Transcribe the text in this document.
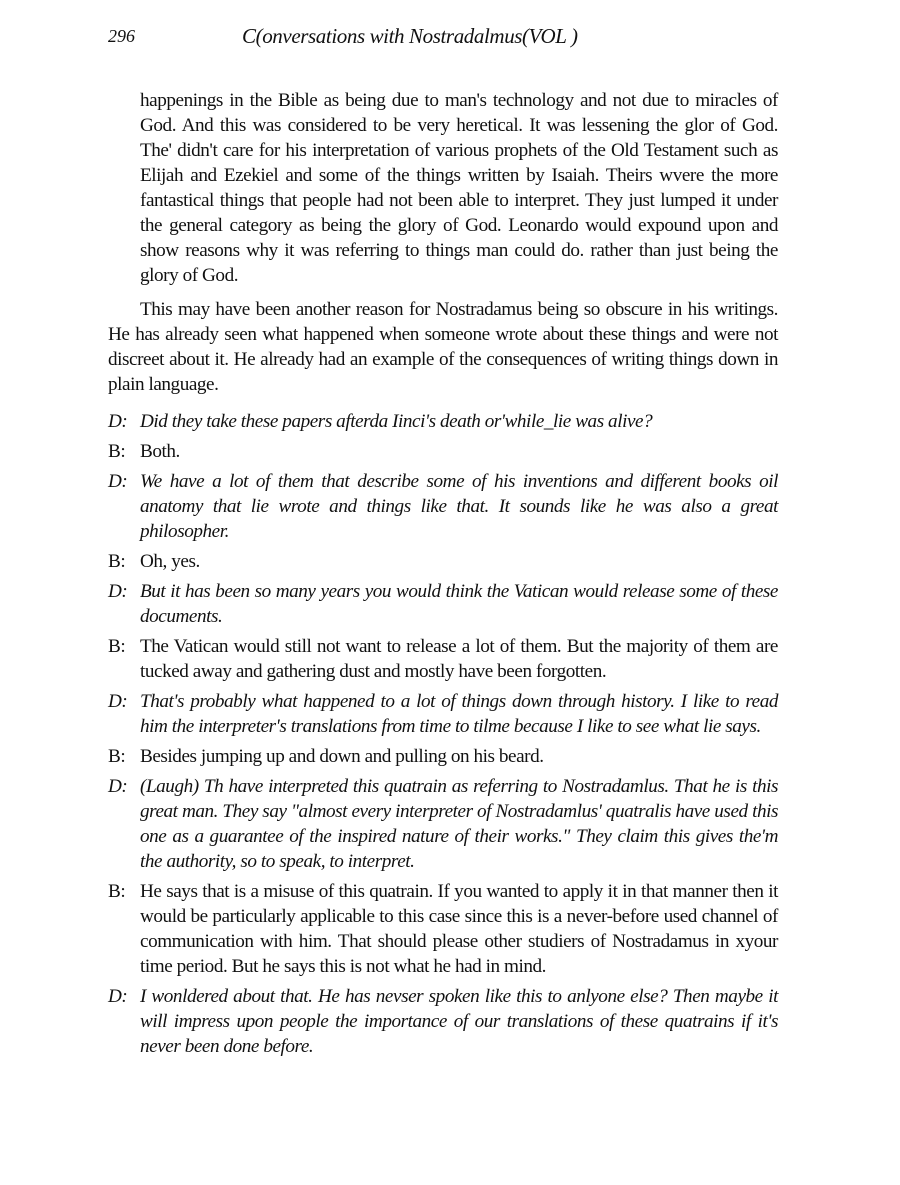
296	C(onversations with Nostradalmus(VOL )

happenings in the Bible as being due to man's technology and not due to miracles of God. And this was considered to be very heretical. It was lessening the glor of God. The' didn't care for his interpretation of various prophets of the Old Testament such as Elijah and Ezekiel and some of the things written by Isaiah. Theirs wvere the more fantastical things that people had not been able to interpret. They just lumped it under the general category as being the glory of God. Leonardo would expound upon and show reasons why it was referring to things man could do. rather than just being the glory of God.

This may have been another reason for Nostradamus being so obscure in his writings. He has already seen what happened when someone wrote about these things and were not discreet about it. He already had an example of the consequences of writing things down in plain language.

D: Did they take these papers afterda Iinci's death or'while_lie was alive?
B: Both.
D: We have a lot of them that describe some of his inventions and different books oil anatomy that lie wrote and things like that. It sounds like he was also a great philosopher.
B: Oh, yes.
D: But it has been so many years you would think the Vatican would release some of these documents.
B: The Vatican would still not want to release a lot of them. But the majority of them are tucked away and gathering dust and mostly have been forgotten.
D: That's probably what happened to a lot of things down through history. I like to read him the interpreter's translations from time to tilme because I like to see what lie says.
B: Besides jumping up and down and pulling on his beard.
D: (Laugh) Th have interpreted this quatrain as referring to Nostradamlus. That he is this great man. They say "almost every interpreter of Nostradamlus' quatralis have used this one as a guarantee of the inspired nature of their works." They claim this gives the'm the authority, so to speak, to interpret.
B: He says that is a misuse of this quatrain. If you wanted to apply it in that manner then it would be particularly applicable to this case since this is a never-before used channel of communication with him. That should please other studiers of Nostradamus in xyour time period. But he says this is not what he had in mind.
D: I wonldered about that. He has nevser spoken like this to anlyone else? Then maybe it will impress upon people the importance of our translations of these quatrains if it's never been done before.
